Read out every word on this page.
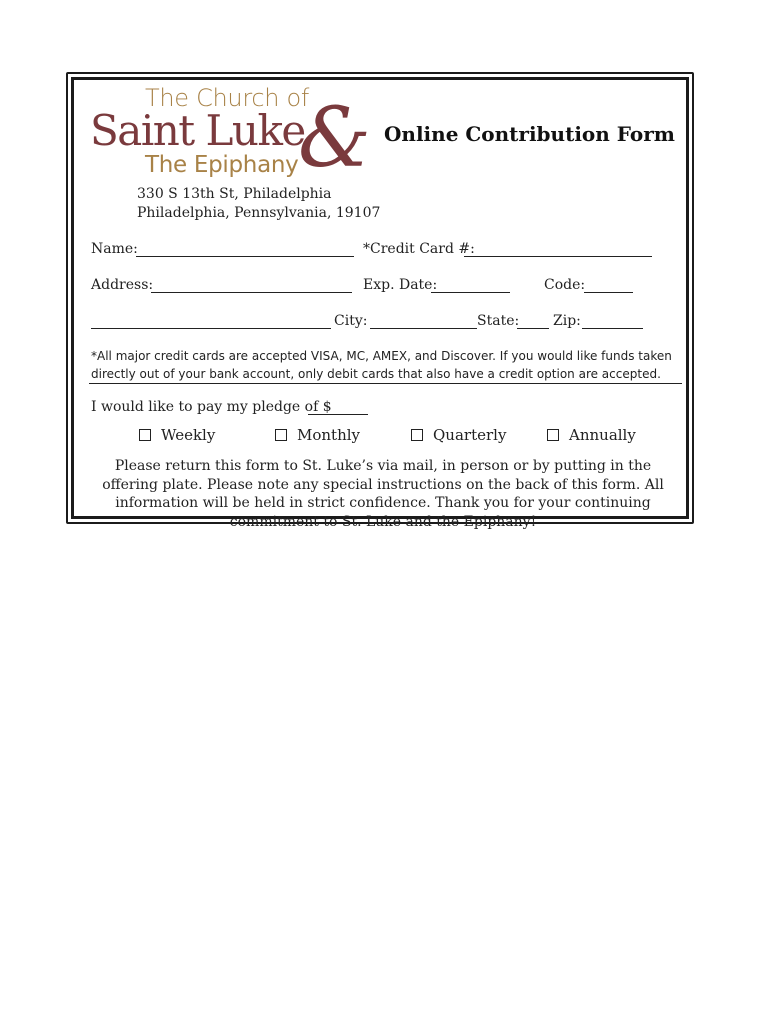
The Church of
Saint Luke
The Epiphany & Online Contribution Form
330 S 13th St, Philadelphia
Philadelphia, Pennsylvania, 19107
Name:	*Credit Card #:
Address:	Exp. Date:	Code:
City:	State: Zip:
*All major credit cards are accepted VISA, MC, AMEX, and Discover. If you would like funds taken directly out of your bank account, only debit cards that also have a credit option are accepted.
I would like to pay my pledge of $
Weekly	Monthly	Quarterly	Annually
Please return this form to St. Luke’s via mail, in person or by putting in the offering plate. Please note any special instructions on the back of this form. All information will be held in strict confidence. Thank you for your continuing commitment to St. Luke and the Epiphany!
